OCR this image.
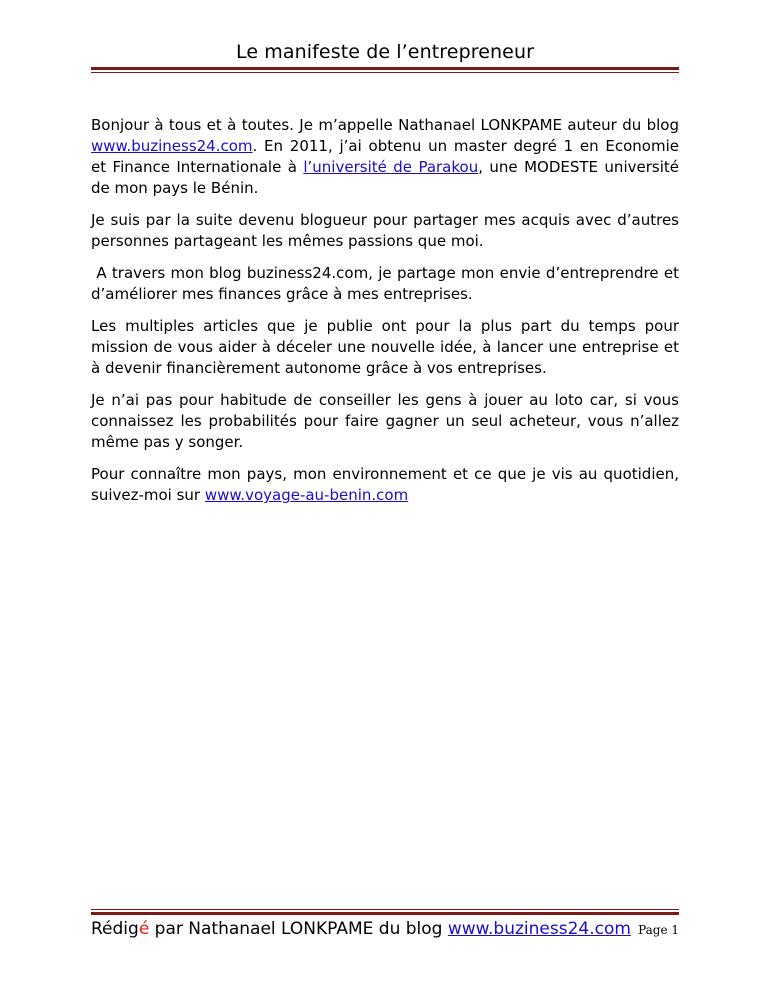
Le manifeste de l’entrepreneur

Bonjour à tous et à toutes. Je m’appelle Nathanael LONKPAME auteur du blog www.buziness24.com. En 2011, j’ai obtenu un master degré 1 en Economie et Finance Internationale à l’université de Parakou, une MODESTE université de mon pays le Bénin.

Je suis par la suite devenu blogueur pour partager mes acquis avec d’autres personnes partageant les mêmes passions que moi.

A travers mon blog buziness24.com, je partage mon envie d’entreprendre et d’améliorer mes finances grâce à mes entreprises.

Les multiples articles que je publie ont pour la plus part du temps pour mission de vous aider à déceler une nouvelle idée, à lancer une entreprise et à devenir financièrement autonome grâce à vos entreprises.

Je n’ai pas pour habitude de conseiller les gens à jouer au loto car, si vous connaissez les probabilités pour faire gagner un seul acheteur, vous n’allez même pas y songer.

Pour connaître mon pays, mon environnement et ce que je vis au quotidien, suivez-moi sur www.voyage-au-benin.com

Rédigé par Nathanael LONKPAME du blog www.buziness24.com Page 1
